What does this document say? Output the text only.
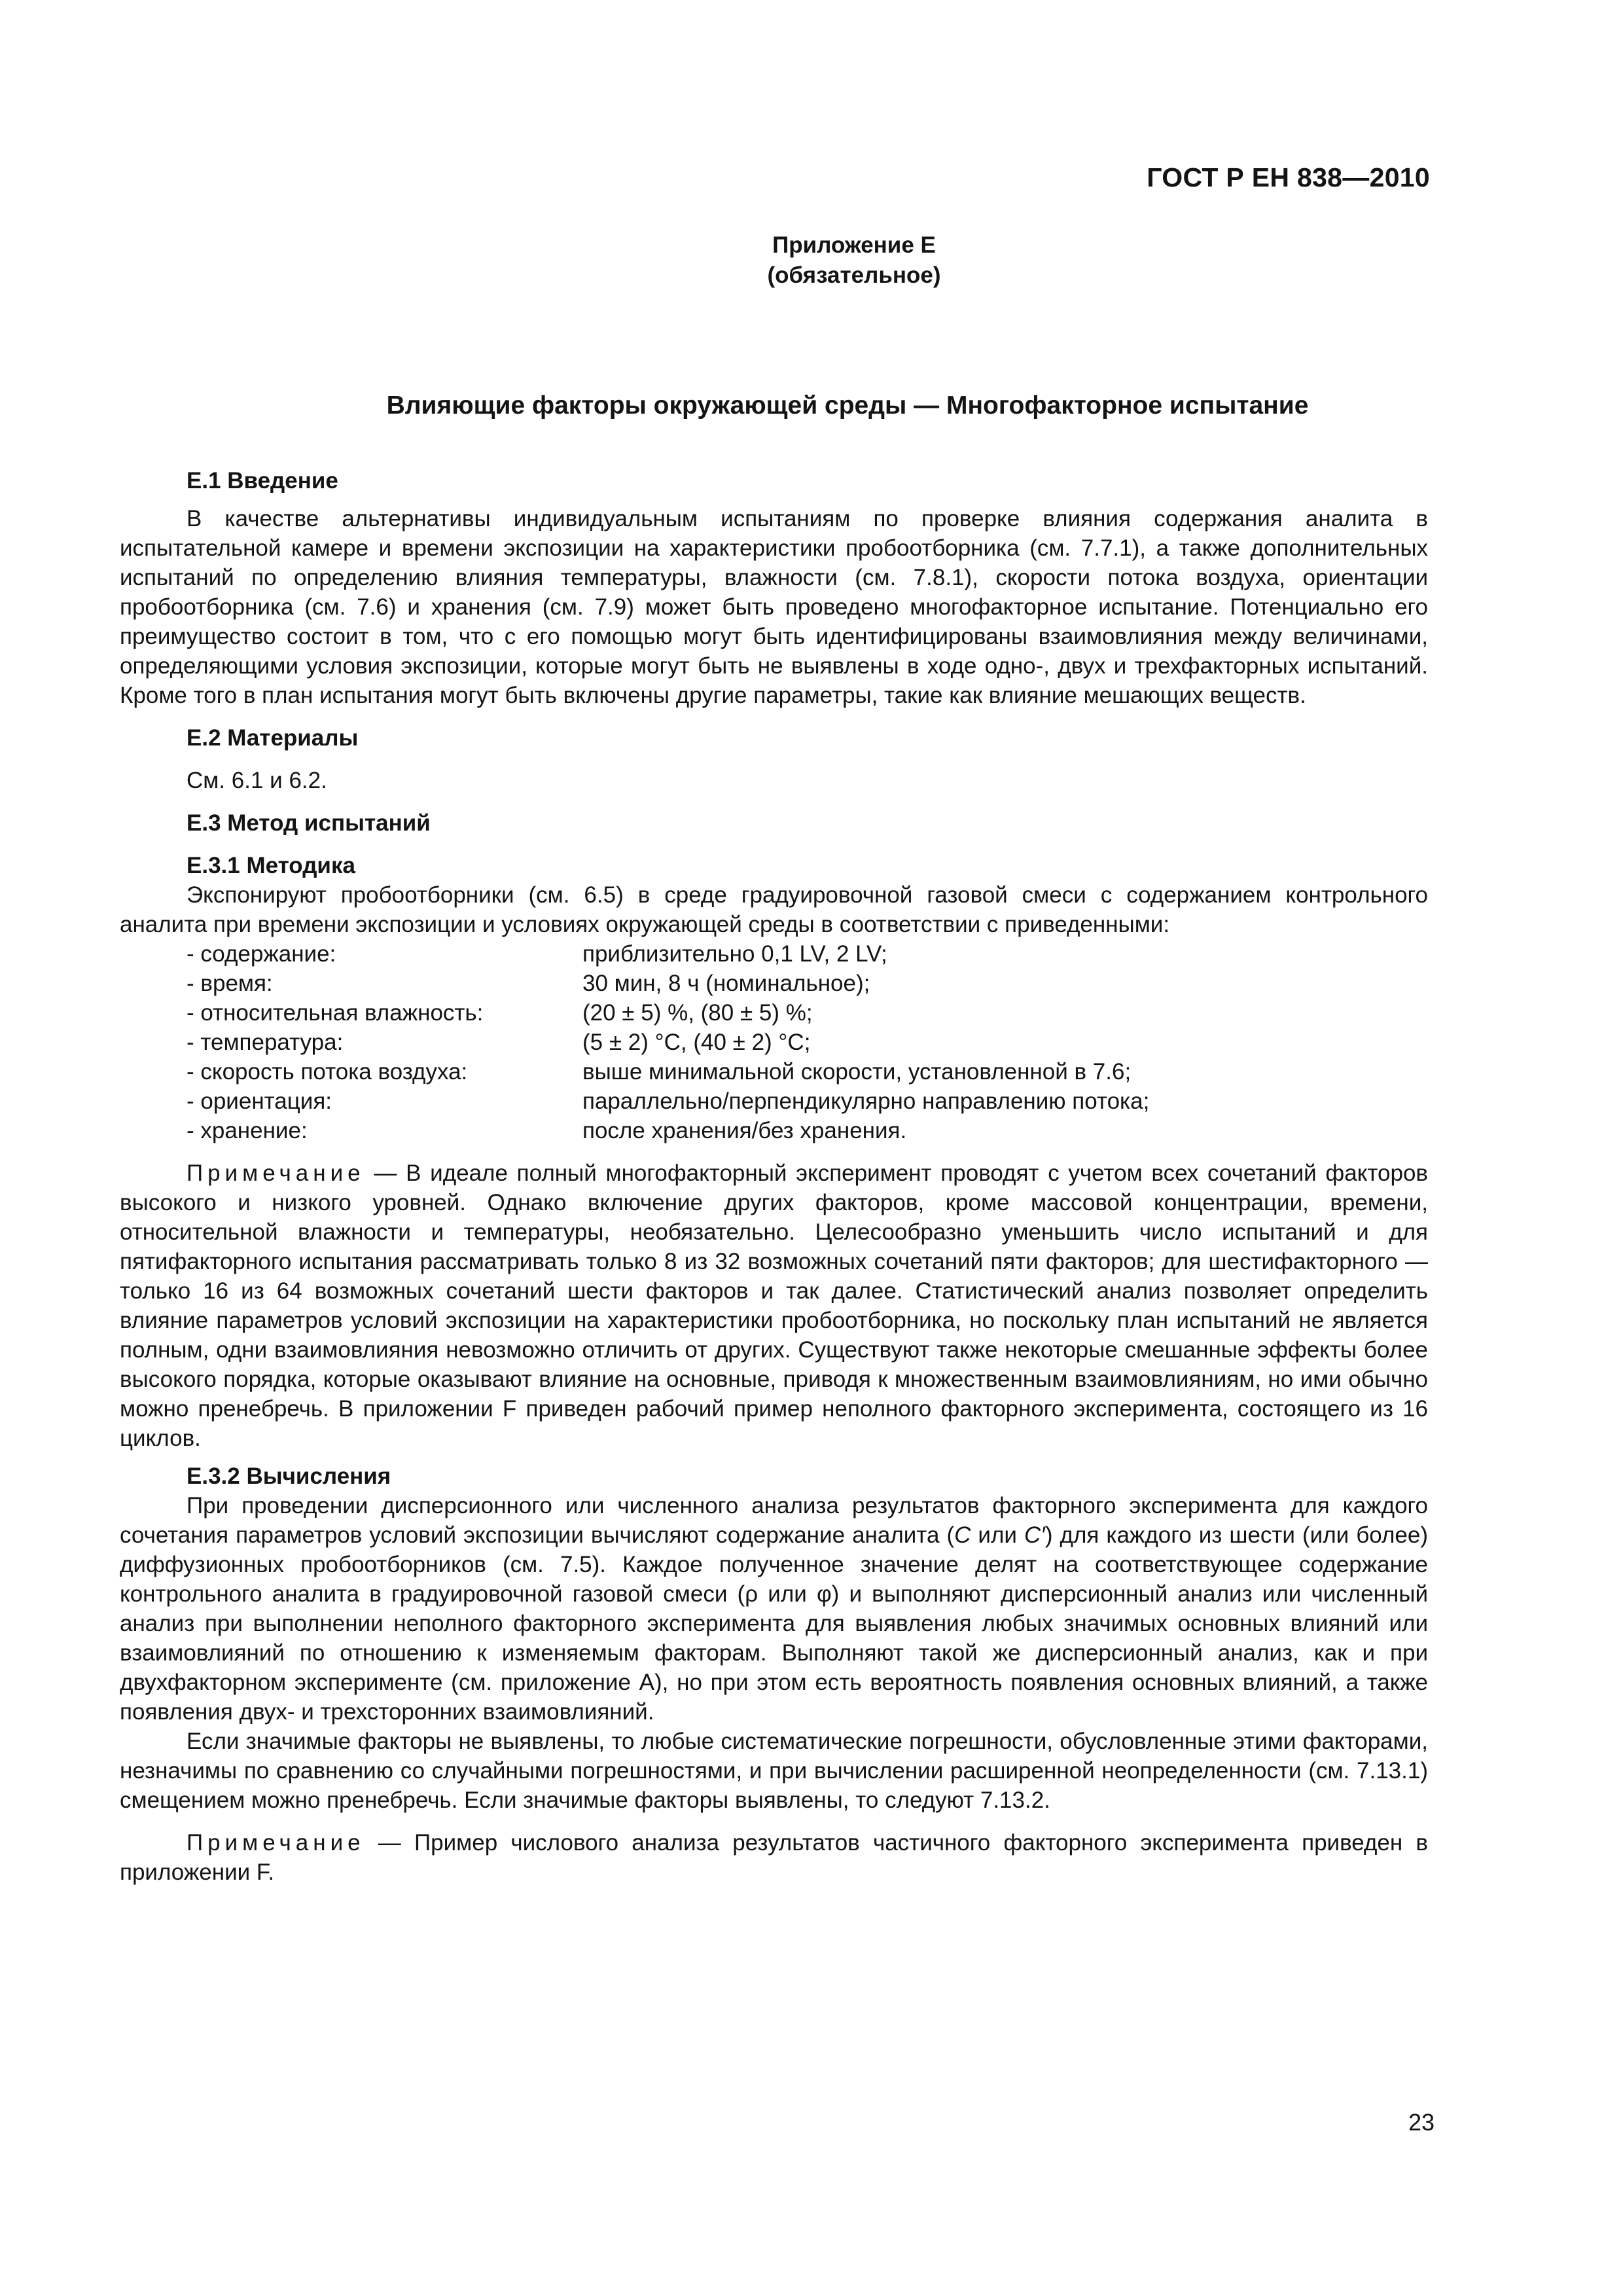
ГОСТ Р ЕН 838—2010
Приложение Е
(обязательное)
Влияющие факторы окружающей среды — Многофакторное испытание

Е.1 Введение

В качестве альтернативы индивидуальным испытаниям по проверке влияния содержания аналита в испытательной камере и времени экспозиции на характеристики пробоотборника (см. 7.7.1), а также дополнительных испытаний по определению влияния температуры, влажности (см. 7.8.1), скорости потока воздуха, ориентации пробоотборника (см. 7.6) и хранения (см. 7.9) может быть проведено многофакторное испытание. Потенциально его преимущество состоит в том, что с его помощью могут быть идентифицированы взаимовлияния между величинами, определяющими условия экспозиции, которые могут быть не выявлены в ходе одно-, двух и трехфакторных испытаний. Кроме того в план испытания могут быть включены другие параметры, такие как влияние мешающих веществ.

Е.2 Материалы

См. 6.1 и 6.2.

Е.3 Метод испытаний

Е.3.1 Методика

Экспонируют пробоотборники (см. 6.5) в среде градуировочной газовой смеси с содержанием контрольного аналита при времени экспозиции и условиях окружающей среды в соответствии с приведенными:

- содержание:	приблизительно 0,1 LV, 2 LV;
- время:	30 мин, 8 ч (номинальное);
- относительная влажность:	(20 ± 5) %, (80 ± 5) %;
- температура:	(5 ± 2) °С, (40 ± 2) °С;
- скорость потока воздуха:	выше минимальной скорости, установленной в 7.6;
- ориентация:	параллельно/перпендикулярно направлению потока;
- хранение:	после хранения/без хранения.

Примечание — В идеале полный многофакторный эксперимент проводят с учетом всех сочетаний факторов высокого и низкого уровней. Однако включение других факторов, кроме массовой концентрации, времени, относительной влажности и температуры, необязательно. Целесообразно уменьшить число испытаний и для пятифакторного испытания рассматривать только 8 из 32 возможных сочетаний пяти факторов; для шестифакторного — только 16 из 64 возможных сочетаний шести факторов и так далее. Статистический анализ позволяет определить влияние параметров условий экспозиции на характеристики пробоотборника, но поскольку план испытаний не является полным, одни взаимовлияния невозможно отличить от других. Существуют также некоторые смешанные эффекты более высокого порядка, которые оказывают влияние на основные, приводя к множественным взаимовлияниям, но ими обычно можно пренебречь. В приложении F приведен рабочий пример неполного факторного эксперимента, состоящего из 16 циклов.

Е.3.2 Вычисления

При проведении дисперсионного или численного анализа результатов факторного эксперимента для каждого сочетания параметров условий экспозиции вычисляют содержание аналита (С или С′) для каждого из шести (или более) диффузионных пробоотборников (см. 7.5). Каждое полученное значение делят на соответствующее содержание контрольного аналита в градуировочной газовой смеси (ρ или φ) и выполняют дисперсионный анализ или численный анализ при выполнении неполного факторного эксперимента для выявления любых значимых основных влияний или взаимовлияний по отношению к изменяемым факторам. Выполняют такой же дисперсионный анализ, как и при двухфакторном эксперименте (см. приложение А), но при этом есть вероятность появления основных влияний, а также появления двух- и трехсторонних взаимовлияний.

Если значимые факторы не выявлены, то любые систематические погрешности, обусловленные этими факторами, незначимы по сравнению со случайными погрешностями, и при вычислении расширенной неопределенности (см. 7.13.1) смещением можно пренебречь. Если значимые факторы выявлены, то следуют 7.13.2.

Примечание — Пример числового анализа результатов частичного факторного эксперимента приведен в приложении F.

23
